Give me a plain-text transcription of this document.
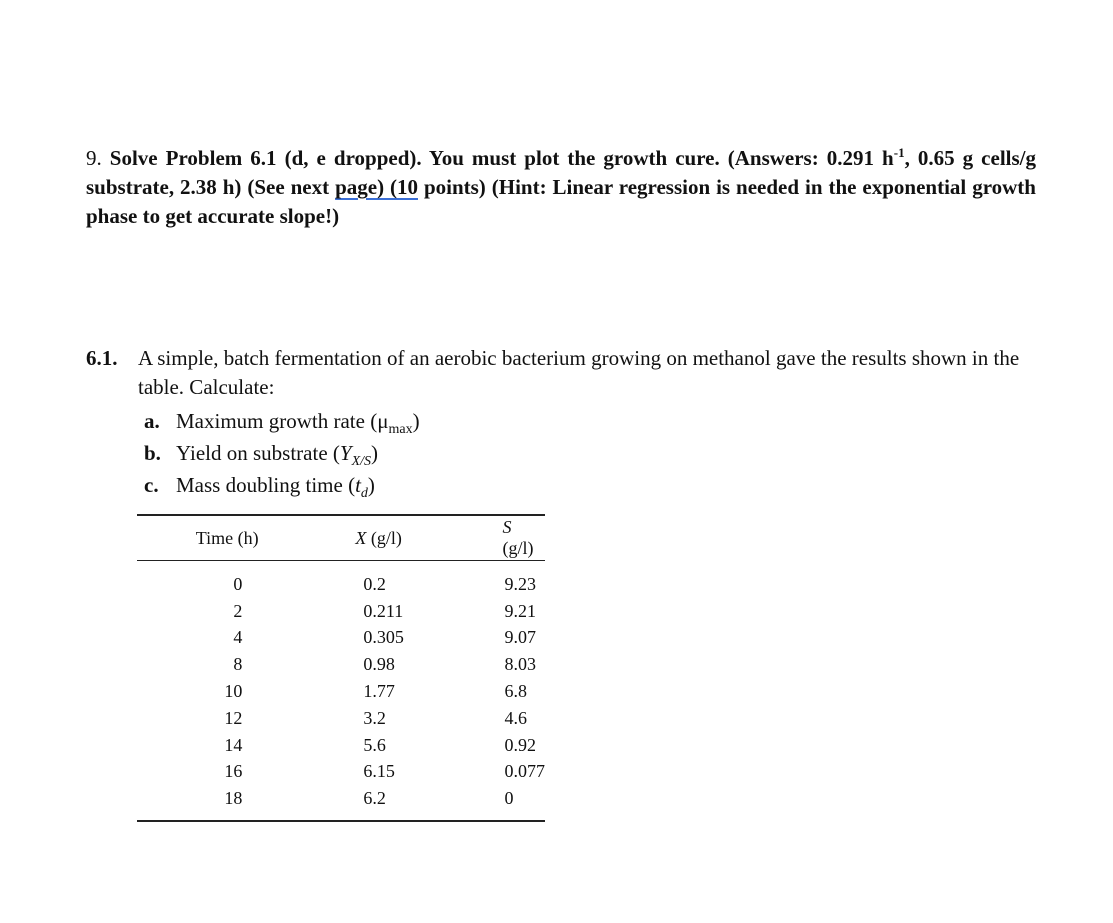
9. Solve Problem 6.1 (d, e dropped). You must plot the growth cure. (Answers: 0.291 $h^{-1}$, 0.65 g cells/g substrate, 2.38 h) (See next page) (10 points) (Hint: Linear regression is needed in the exponential growth phase to get accurate slope!)
6.1. A simple, batch fermentation of an aerobic bacterium growing on methanol gave the results shown in the table. Calculate:
a. Maximum growth rate $(\mu_{max})$
b. Yield on substrate $(Y_{X/S})$
c. Mass doubling time $(t_d)$
Time (h)	X (g/l)	S (g/l)
0	0.2	9.23
2	0.211	9.21
4	0.305	9.07
8	0.98	8.03
10	1.77	6.8
12	3.2	4.6
14	5.6	0.92
16	6.15	0.077
18	6.2	0
